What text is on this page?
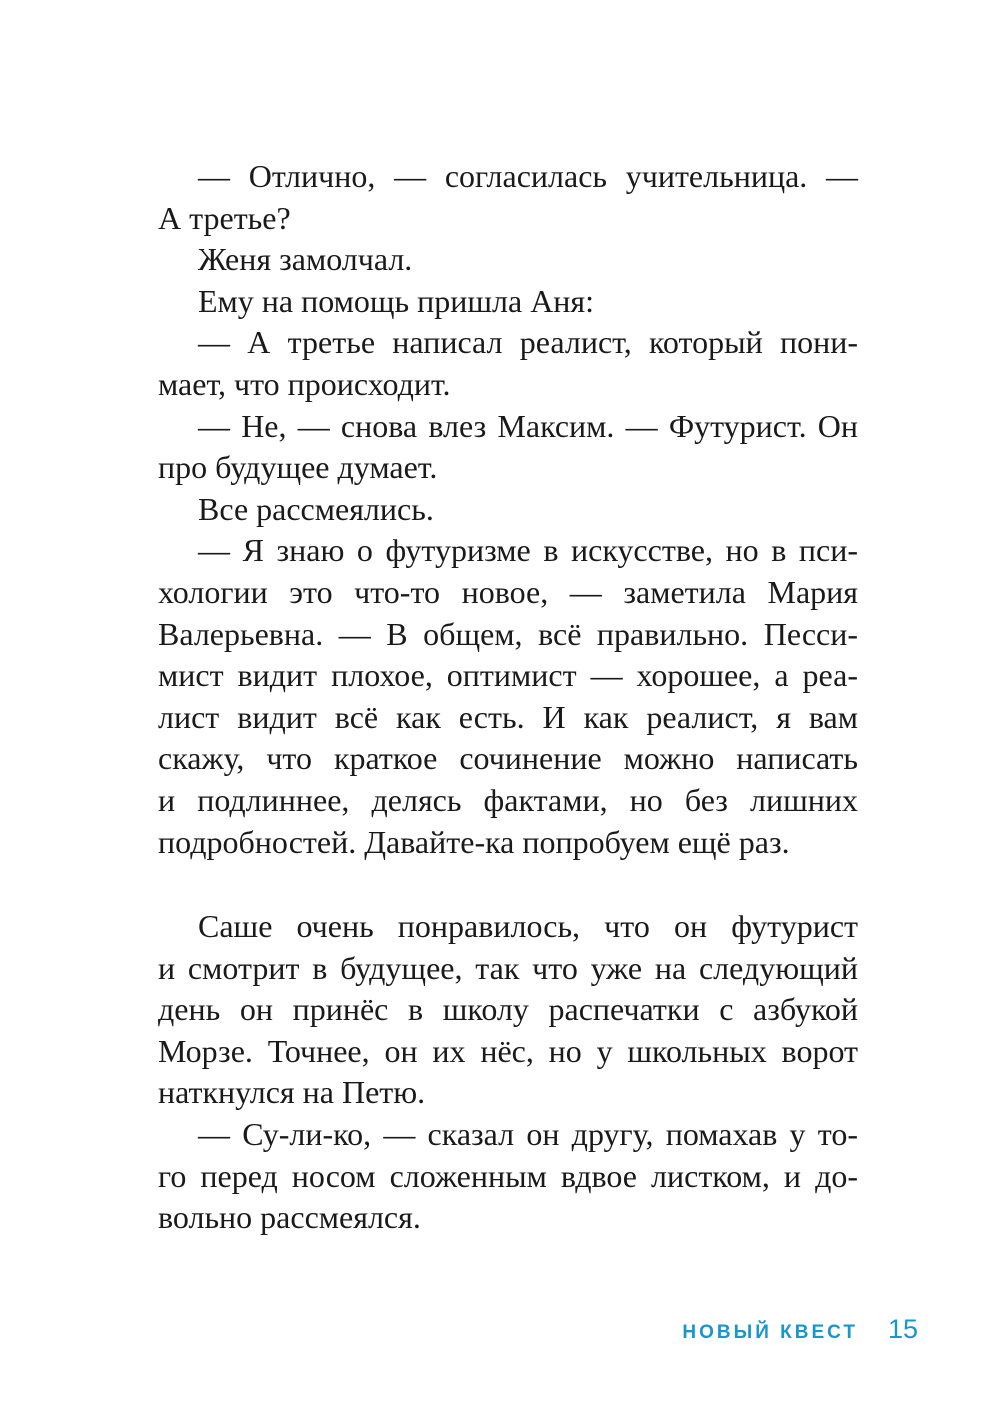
— Отлично, — согласилась учительница. —
А третье?
Женя замолчал.
Ему на помощь пришла Аня:
— А третье написал реалист, который пони-
мает, что происходит.
— Не, — снова влез Максим. — Футурист. Он
про будущее думает.
Все рассмеялись.
— Я знаю о футуризме в искусстве, но в пси-
хологии это что-то новое, — заметила Мария
Валерьевна. — В общем, всё правильно. Песси-
мист видит плохое, оптимист — хорошее, а реа-
лист видит всё как есть. И как реалист, я вам
скажу, что краткое сочинение можно написать
и подлиннее, делясь фактами, но без лишних
подробностей. Давайте-ка попробуем ещё раз.
Саше очень понравилось, что он футурист
и смотрит в будущее, так что уже на следующий
день он принёс в школу распечатки с азбукой
Морзе. Точнее, он их нёс, но у школьных ворот
наткнулся на Петю.
— Су-ли-ко, — сказал он другу, помахав у то-
го перед носом сложенным вдвое листком, и до-
вольно рассмеялся.
НОВЫЙ КВЕСТ 15
